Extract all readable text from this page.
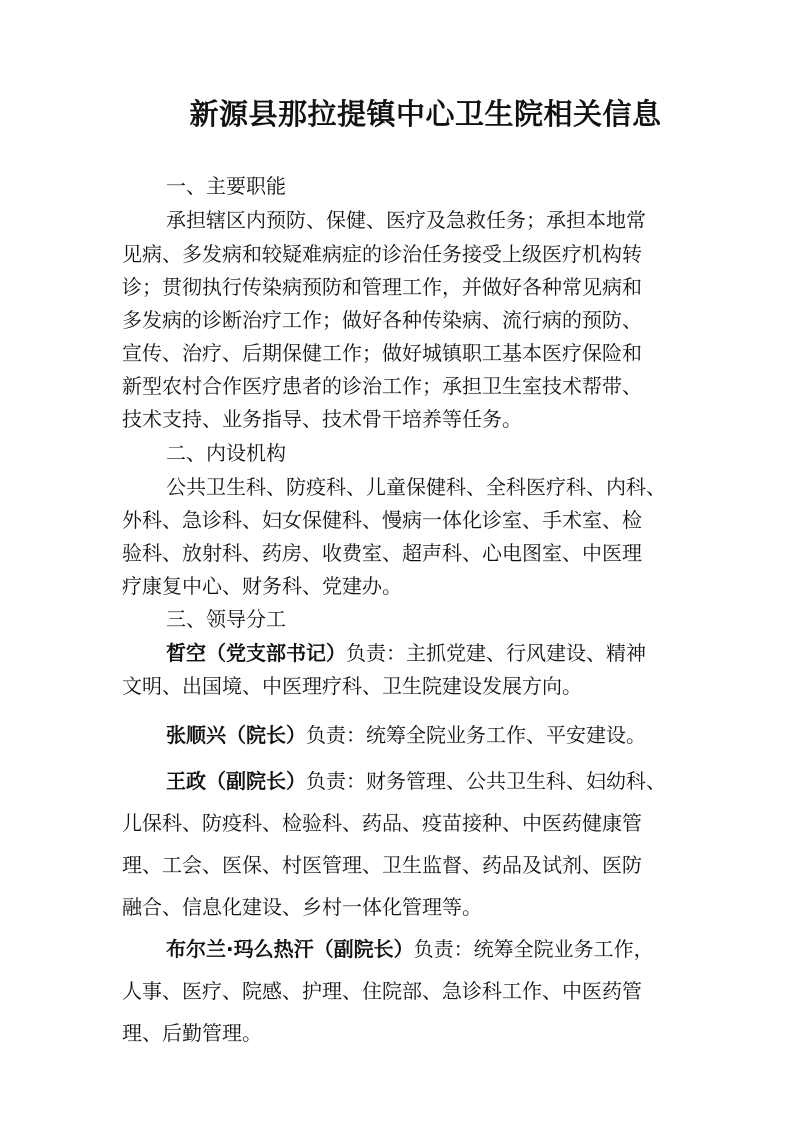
新源县那拉提镇中心卫生院相关信息
一、主要职能
承担辖区内预防、保健、医疗及急救任务；承担本地常
见病、多发病和较疑难病症的诊治任务接受上级医疗机构转
诊；贯彻执行传染病预防和管理工作，并做好各种常见病和
多发病的诊断治疗工作；做好各种传染病、流行病的预防、
宣传、治疗、后期保健工作；做好城镇职工基本医疗保险和
新型农村合作医疗患者的诊治工作；承担卫生室技术帮带、
技术支持、业务指导、技术骨干培养等任务。
二、内设机构
公共卫生科、防疫科、儿童保健科、全科医疗科、内科、
外科、急诊科、妇女保健科、慢病一体化诊室、手术室、检
验科、放射科、药房、收费室、超声科、心电图室、中医理
疗康复中心、财务科、党建办。
三、领导分工
晳空（党支部书记）负责：主抓党建、行风建设、精神
文明、出国境、中医理疗科、卫生院建设发展方向。
张顺兴（院长）负责：统筹全院业务工作、平安建设。
王政（副院长）负责：财务管理、公共卫生科、妇幼科、
儿保科、防疫科、检验科、药品、疫苗接种、中医药健康管
理、工会、医保、村医管理、卫生监督、药品及试剂、医防
融合、信息化建设、乡村一体化管理等。
布尔兰·玛么热汗（副院长）负责：统筹全院业务工作，
人事、医疗、院感、护理、住院部、急诊科工作、中医药管
理、后勤管理。
